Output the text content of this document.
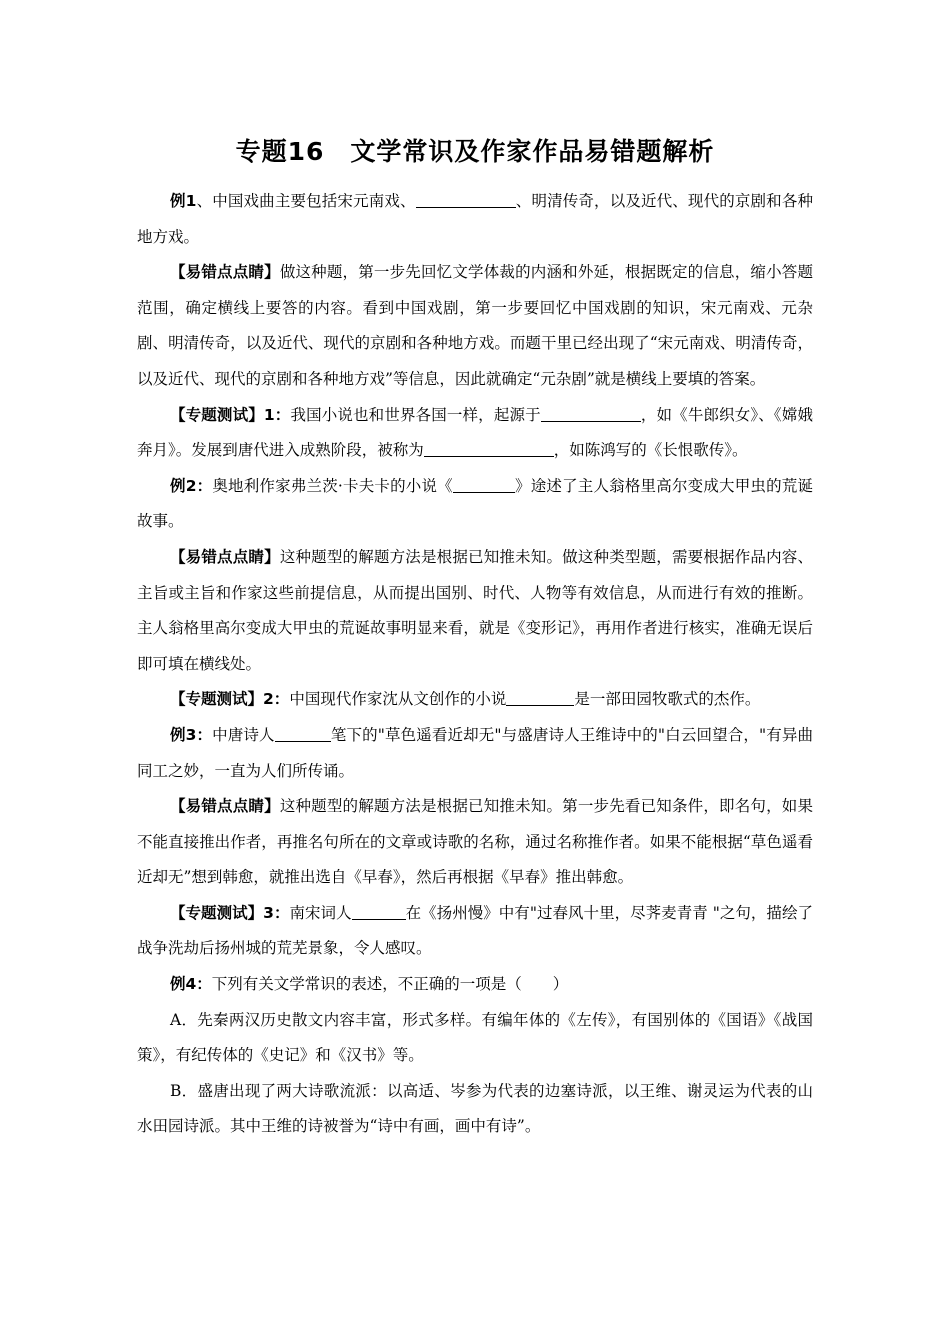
专题16　文学常识及作家作品易错题解析

例1、中国戏曲主要包括宋元南戏、	、明清传奇，以及近代、现代的京剧和各种地方戏。

【易错点点睛】做这种题，第一步先回忆文学体裁的内涵和外延，根据既定的信息，缩小答题范围，确定横线上要答的内容。看到中国戏剧，第一步要回忆中国戏剧的知识，宋元南戏、元杂剧、明清传奇，以及近代、现代的京剧和各种地方戏。而题干里已经出现了“宋元南戏、明清传奇，以及近代、现代的京剧和各种地方戏”等信息，因此就确定“元杂剧”就是横线上要填的答案。

【专题测试】1：我国小说也和世界各国一样，起源于	，如《牛郎织女》、《嫦娥奔月》。发展到唐代进入成熟阶段，被称为	，如陈鸿写的《长恨歌传》。

例2：奥地利作家弗兰茨·卡夫卡的小说《	》途述了主人翁格里高尔变成大甲虫的荒诞故事。

【易错点点睛】这种题型的解题方法是根据已知推未知。做这种类型题，需要根据作品内容、主旨或主旨和作家这些前提信息，从而提出国别、时代、人物等有效信息，从而进行有效的推断。主人翁格里高尔变成大甲虫的荒诞故事明显来看，就是《变形记》，再用作者进行核实，准确无误后即可填在横线处。

【专题测试】2：中国现代作家沈从文创作的小说	是一部田园牧歌式的杰作。

例3：中唐诗人	笔下的"草色遥看近却无"与盛唐诗人王维诗中的"白云回望合，"有异曲同工之妙，一直为人们所传诵。

【易错点点睛】这种题型的解题方法是根据已知推未知。第一步先看已知条件，即名句，如果不能直接推出作者，再推名句所在的文章或诗歌的名称，通过名称推作者。如果不能根据“草色遥看近却无”想到韩愈，就推出选自《早春》，然后再根据《早春》推出韩愈。

【专题测试】3：南宋词人	在《扬州慢》中有"过春风十里，尽荠麦青青 "之句，描绘了战争洗劫后扬州城的荒芜景象，令人感叹。

例4：下列有关文学常识的表述，不正确的一项是（　　）

A．先秦两汉历史散文内容丰富，形式多样。有编年体的《左传》，有国别体的《国语》《战国策》，有纪传体的《史记》和《汉书》等。

B．盛唐出现了两大诗歌流派：以高适、岑参为代表的边塞诗派，以王维、谢灵运为代表的山水田园诗派。其中王维的诗被誉为“诗中有画，画中有诗”。
